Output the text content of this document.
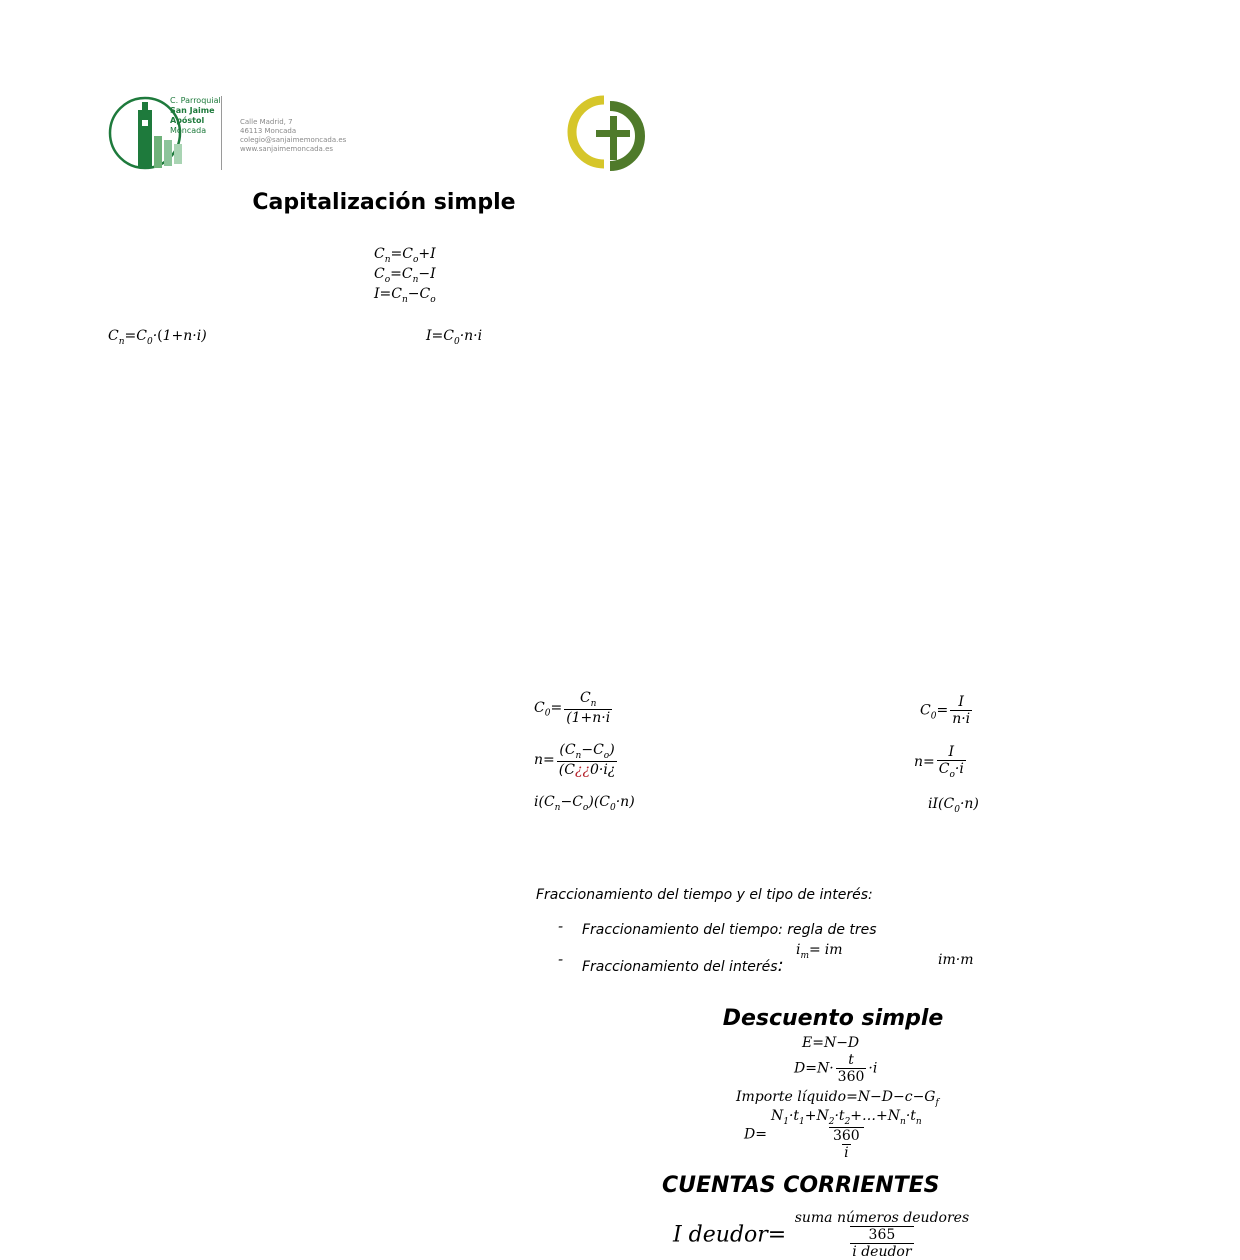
C. Parroquial
San Jaime
Apóstol
Moncada
Calle Madrid, 7
46113 Moncada
colegio@sanjaimemoncada.es
www.sanjaimemoncada.es
Capitalización simple
$C_n=C_o+I$
$C_o=C_n-I$
$I=C_n-C_o$
$C_n=C_0\cdot(1+n\cdot i)$	$I=C_0\cdot n\cdot i$
$C_0= \frac{C_n}{(1+n\cdot i}$	$C_0= \frac{I}{n\cdot i}$
$n= \frac{(C_n-C_o)}{(C¿¿0\cdot i¿}$	$n= \frac{I}{C_o\cdot i}$
$i(C_n-C_o)(C_0\cdot n)$	$iI(C_0\cdot n)$
Fraccionamiento del tiempo y el tipo de interés:
- Fraccionamiento del tiempo: regla de tres
- Fraccionamiento del interés:
$i_m=$ im
im·m
Descuento simple
E=N−D
$D=N\cdot \frac{t}{360} \cdot i$
Importe $líquido=N-D-c-G_f$
$D= \frac{N_1\cdot t_1+N_2\cdot t_2+\dots+N_n\cdot t_n}{\frac{360}{i}}$
CUENTAS CORRIENTES
I deudor= $\frac{\text{suma números deudores}}{\frac{365}{\text{i deudor}}}$
